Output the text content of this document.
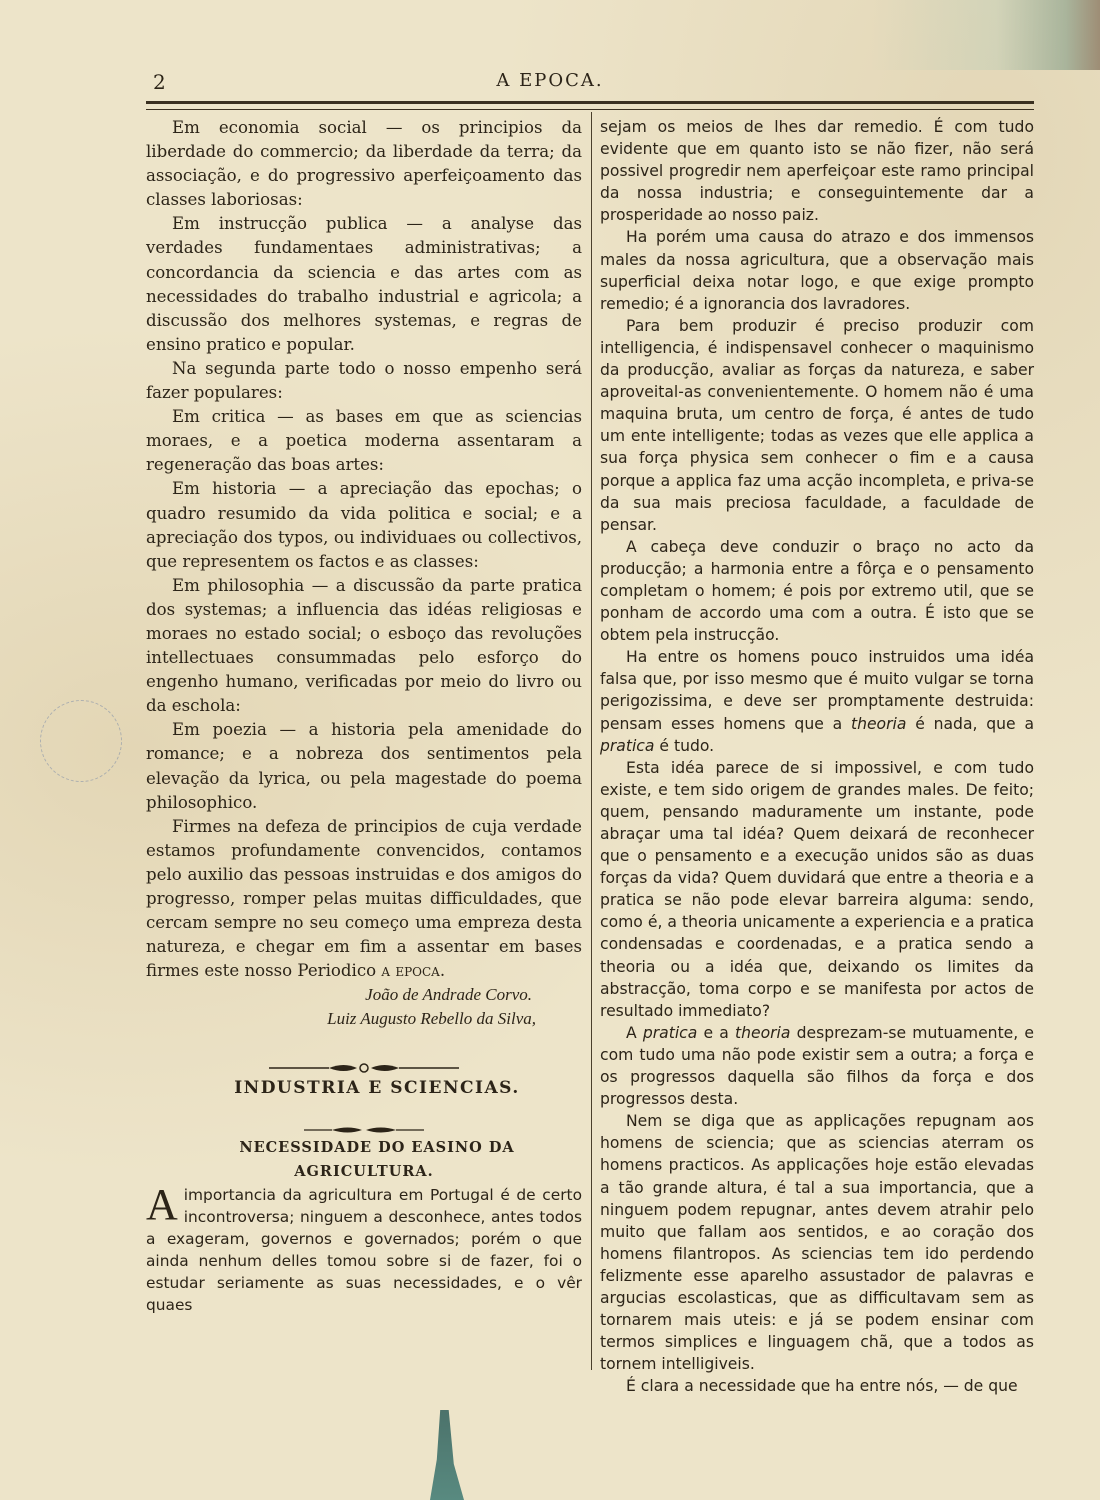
2	A EPOCA.

Em economia social — os principios da liberdade do commercio; da liberdade da terra; da associação, e do progressivo aperfeiçoamento das classes laboriosas:

Em instrucção publica — a analyse das verdades fundamentaes administrativas; a concordancia da sciencia e das artes com as necessidades do trabalho industrial e agricola; a discussão dos melhores systemas, e regras de ensino pratico e popular.

Na segunda parte todo o nosso empenho será fazer populares:

Em critica — as bases em que as sciencias moraes, e a poetica moderna assentaram a regeneração das boas artes:

Em historia — a apreciação das epochas; o quadro resumido da vida politica e social; e a apreciação dos typos, ou individuaes ou collectivos, que representem os factos e as classes:

Em philosophia — a discussão da parte pratica dos systemas; a influencia das idéas religiosas e moraes no estado social; o esboço das revoluções intellectuaes consummadas pelo esforço do engenho humano, verificadas por meio do livro ou da eschola:

Em poezia — a historia pela amenidade do romance; e a nobreza dos sentimentos pela elevação da lyrica, ou pela magestade do poema philosophico.

Firmes na defeza de principios de cuja verdade estamos profundamente convencidos, contamos pelo auxilio das pessoas instruidas e dos amigos do progresso, romper pelas muitas difficuldades, que cercam sempre no seu começo uma empreza desta natureza, e chegar em fim a assentar em bases firmes este nosso Periodico a epoca.

João de Andrade Corvo.

Luiz Augusto Rebello da Silva,

INDUSTRIA E SCIENCIAS.

NECESSIDADE DO EASINO DA AGRICULTURA.

Aimportancia da agricultura em Portugal é de certo incontroversa; ninguem a desconhece, antes todos a exageram, governos e governados; porém o que ainda nenhum delles tomou sobre si de fazer, foi o estudar seriamente as suas necessidades, e o vêr quaes

sejam os meios de lhes dar remedio. É com tudo evidente que em quanto isto se não fizer, não será possivel progredir nem aperfeiçoar este ramo principal da nossa industria; e conseguintemente dar a prosperidade ao nosso paiz.

Ha porém uma causa do atrazo e dos immensos males da nossa agricultura, que a observação mais superficial deixa notar logo, e que exige prompto remedio; é a ignorancia dos lavradores.

Para bem produzir é preciso produzir com intelligencia, é indispensavel conhecer o maquinismo da producção, avaliar as forças da natureza, e saber aproveital-as convenientemente. O homem não é uma maquina bruta, um centro de força, é antes de tudo um ente intelligente; todas as vezes que elle applica a sua força physica sem conhecer o fim e a causa porque a applica faz uma acção incompleta, e priva-se da sua mais preciosa faculdade, a faculdade de pensar.

A cabeça deve conduzir o braço no acto da producção; a harmonia entre a fôrça e o pensamento completam o homem; é pois por extremo util, que se ponham de accordo uma com a outra. É isto que se obtem pela instrucção.

Ha entre os homens pouco instruidos uma idéa falsa que, por isso mesmo que é muito vulgar se torna perigozissima, e deve ser promptamente destruida: pensam esses homens que a theoria é nada, que a pratica é tudo.

Esta idéa parece de si impossivel, e com tudo existe, e tem sido origem de grandes males. De feito; quem, pensando maduramente um instante, pode abraçar uma tal idéa? Quem deixará de reconhecer que o pensamento e a execução unidos são as duas forças da vida? Quem duvidará que entre a theoria e a pratica se não pode elevar barreira alguma: sendo, como é, a theoria unicamente a experiencia e a pratica condensadas e coordenadas, e a pratica sendo a theoria ou a idéa que, deixando os limites da abstracção, toma corpo e se manifesta por actos de resultado immediato?

A pratica e a theoria desprezam-se mutuamente, e com tudo uma não pode existir sem a outra; a força e os progressos daquella são filhos da força e dos progressos desta.

Nem se diga que as applicações repugnam aos homens de sciencia; que as sciencias aterram os homens practicos. As applicações hoje estão elevadas a tão grande altura, é tal a sua importancia, que a ninguem podem repugnar, antes devem atrahir pelo muito que fallam aos sentidos, e ao coração dos homens filantropos. As sciencias tem ido perdendo felizmente esse aparelho assustador de palavras e argucias escolasticas, que as difficultavam sem as tornarem mais uteis: e já se podem ensinar com termos simplices e linguagem chã, que a todos as tornem intelligiveis.

É clara a necessidade que ha entre nós, — de que
